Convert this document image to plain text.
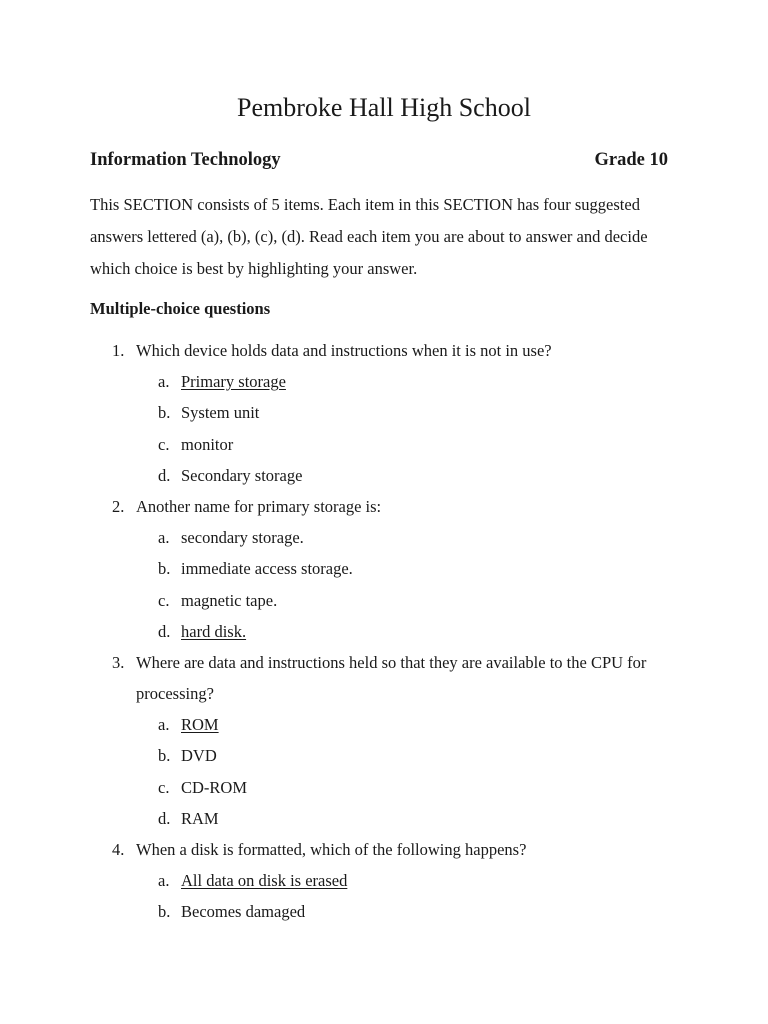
Pembroke Hall High School
Information Technology	Grade 10

This SECTION consists of 5 items. Each item in this SECTION has four suggested answers lettered (a), (b), (c), (d). Read each item you are about to answer and decide which choice is best by highlighting your answer.

Multiple-choice questions
1. Which device holds data and instructions when it is not in use?
a. Primary storage
b. System unit
c. monitor
d. Secondary storage
2. Another name for primary storage is:
a. secondary storage.
b. immediate access storage.
c. magnetic tape.
d. hard disk.
3. Where are data and instructions held so that they are available to the CPU for processing?
a. ROM
b. DVD
c. CD-ROM
d. RAM
4. When a disk is formatted, which of the following happens?
a. All data on disk is erased
b. Becomes damaged
